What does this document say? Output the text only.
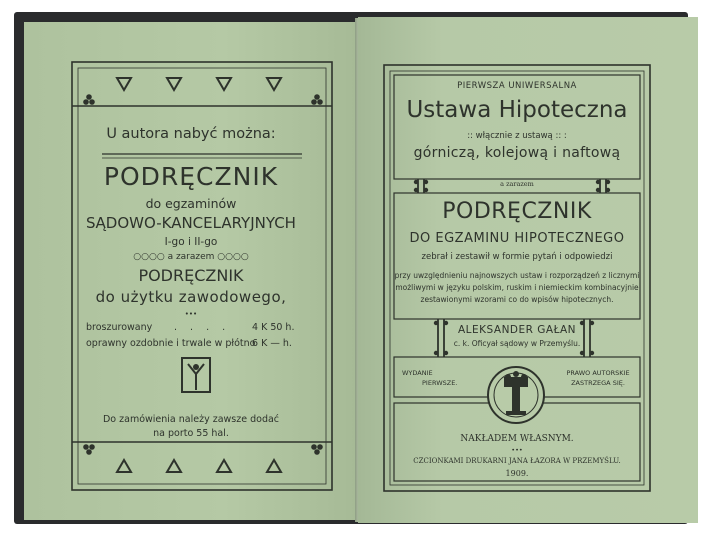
U autora nabyć można:
PODRĘCZNIK
do egzaminów
SĄDOWO-KANCELARYJNYCH
I-go i II-go
○○○○ a zarazem ○○○○
PODRĘCZNIK
do użytku zawodowego,
•••
broszurowany . . . . 4 K 50 h.
oprawny ozdobnie i trwale w płótno
6 K — h.
Do zamówienia należy zawsze dodać
na porto 55 hal.
PIERWSZA UNIWERSALNA
Ustawa Hipoteczna
:: włącznie z ustawą :: :
górniczą, kolejową i naftową
a zarazem
PODRĘCZNIK
DO EGZAMINU HIPOTECZNEGO
zebrał i zestawił w formie pytań i odpowiedzi
przy uwzględnieniu najnowszych ustaw i rozporządzeń z licznymi
możliwymi w języku polskim, ruskim i niemieckim kombinacyjnie
zestawionymi wzorami co do wpisów hipotecznych.
ALEKSANDER GAŁAN
c. k. Oficyał sądowy w Przemyślu.
WYDANIE
PIERWSZE.
PRAWO AUTORSKIE
ZASTRZEGA SIĘ.
NAKŁADEM WŁASNYM.
•••
CZCIONKAMI DRUKARNI JANA ŁAZORA W PRZEMYŚLU.
1909.
